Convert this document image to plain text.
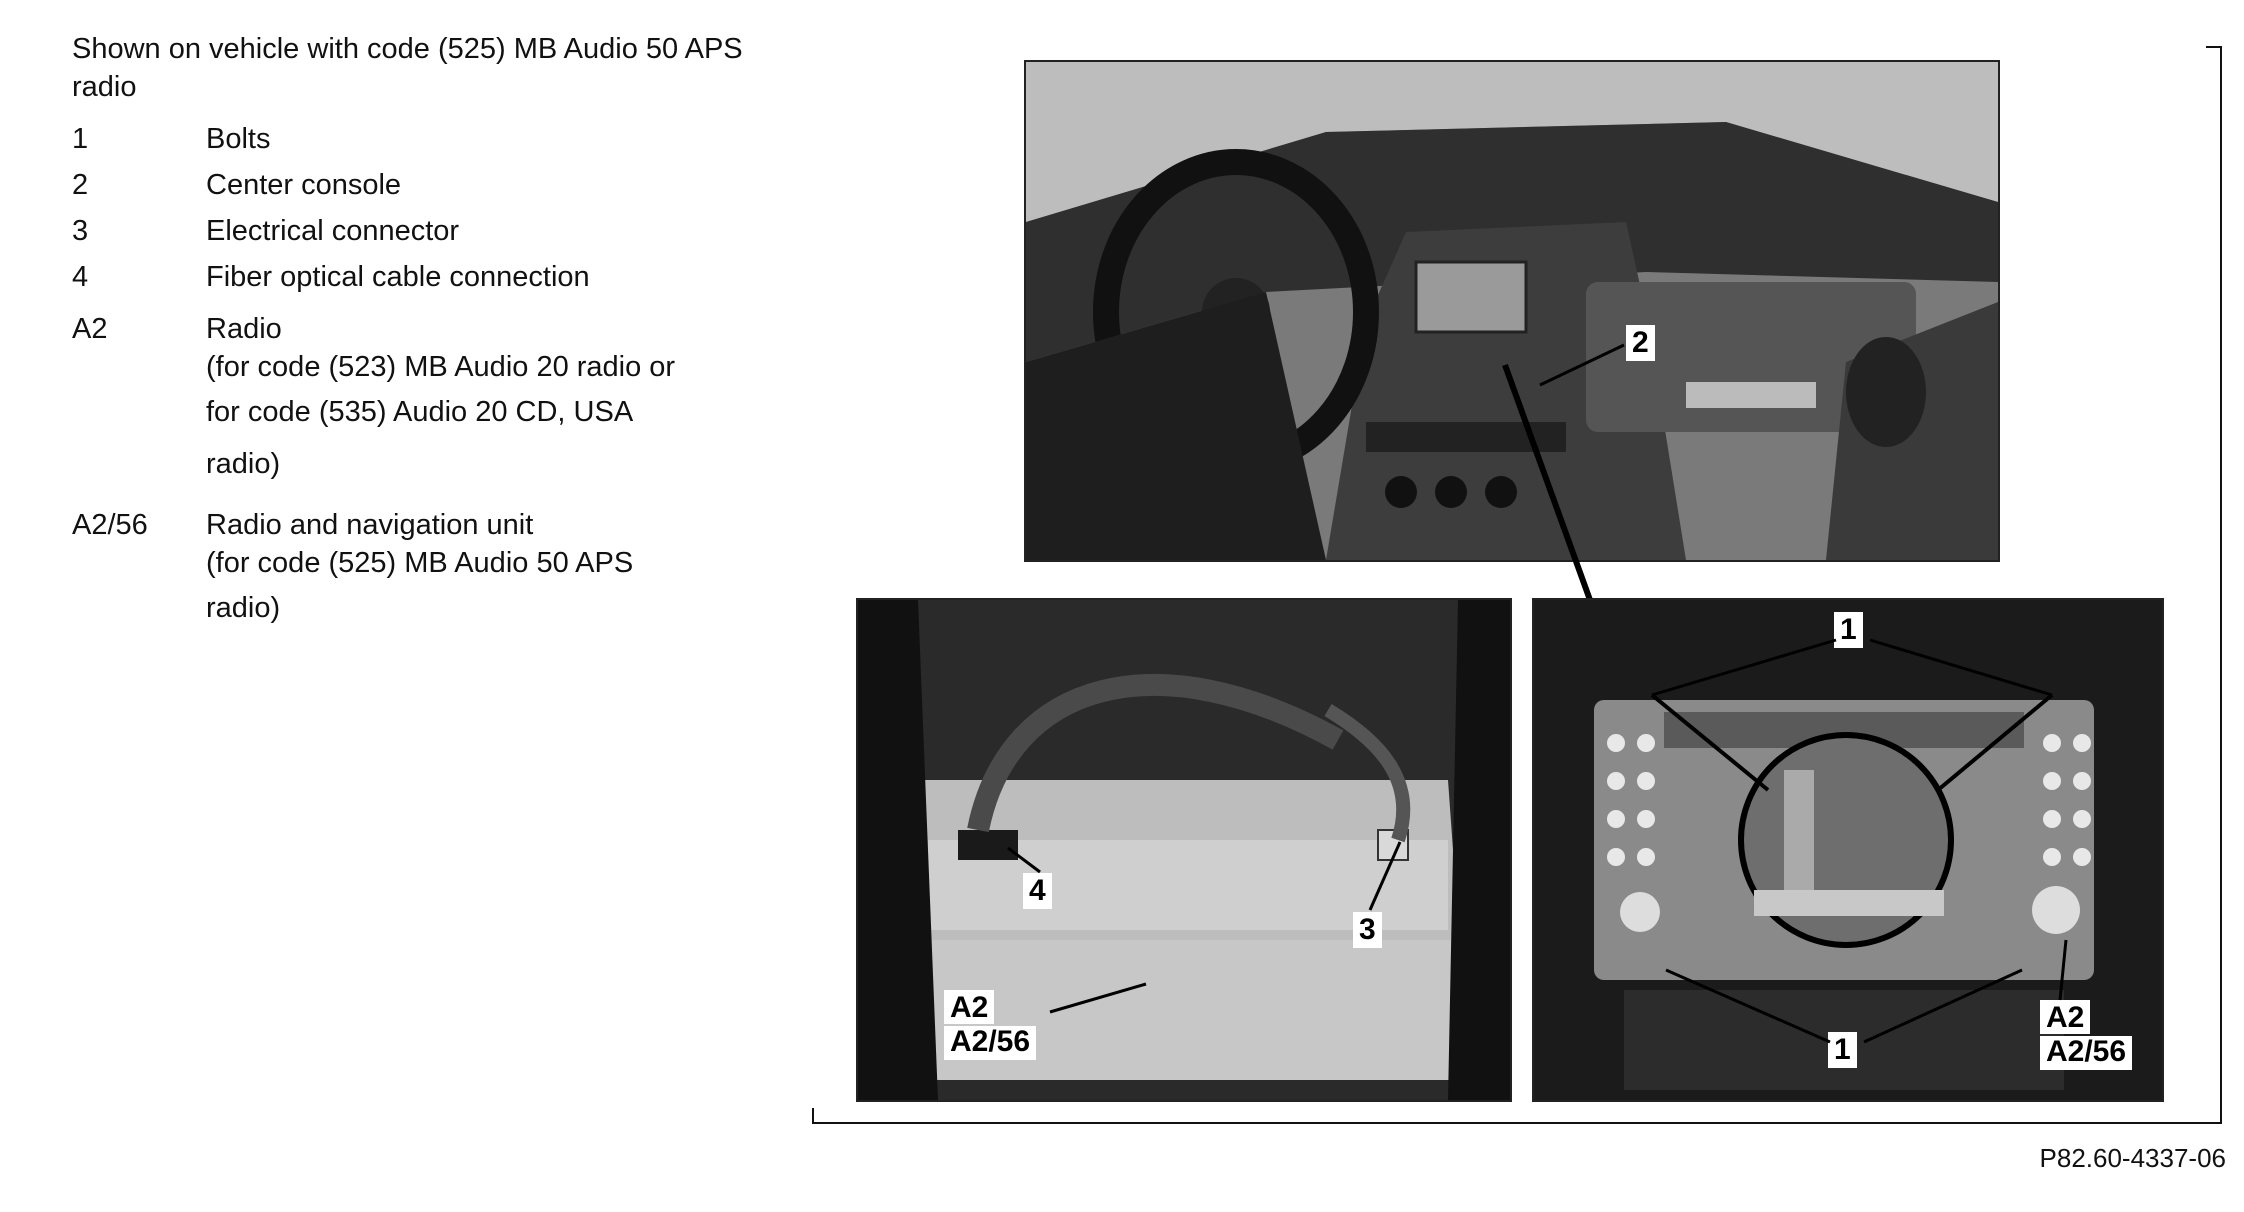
Shown on vehicle with code (525) MB Audio 50 APS radio
1	Bolts
2	Center console
3	Electrical connector
4	Fiber optical cable connection
A2	Radio
(for code (523) MB Audio 20 radio or
for code (535) Audio 20 CD, USA
radio)
A2/56	Radio and navigation unit
(for code (525) MB Audio 50 APS
radio)
2
4
3
A2
A2/56
1
1
A2
A2/56
P82.60-4337-06
